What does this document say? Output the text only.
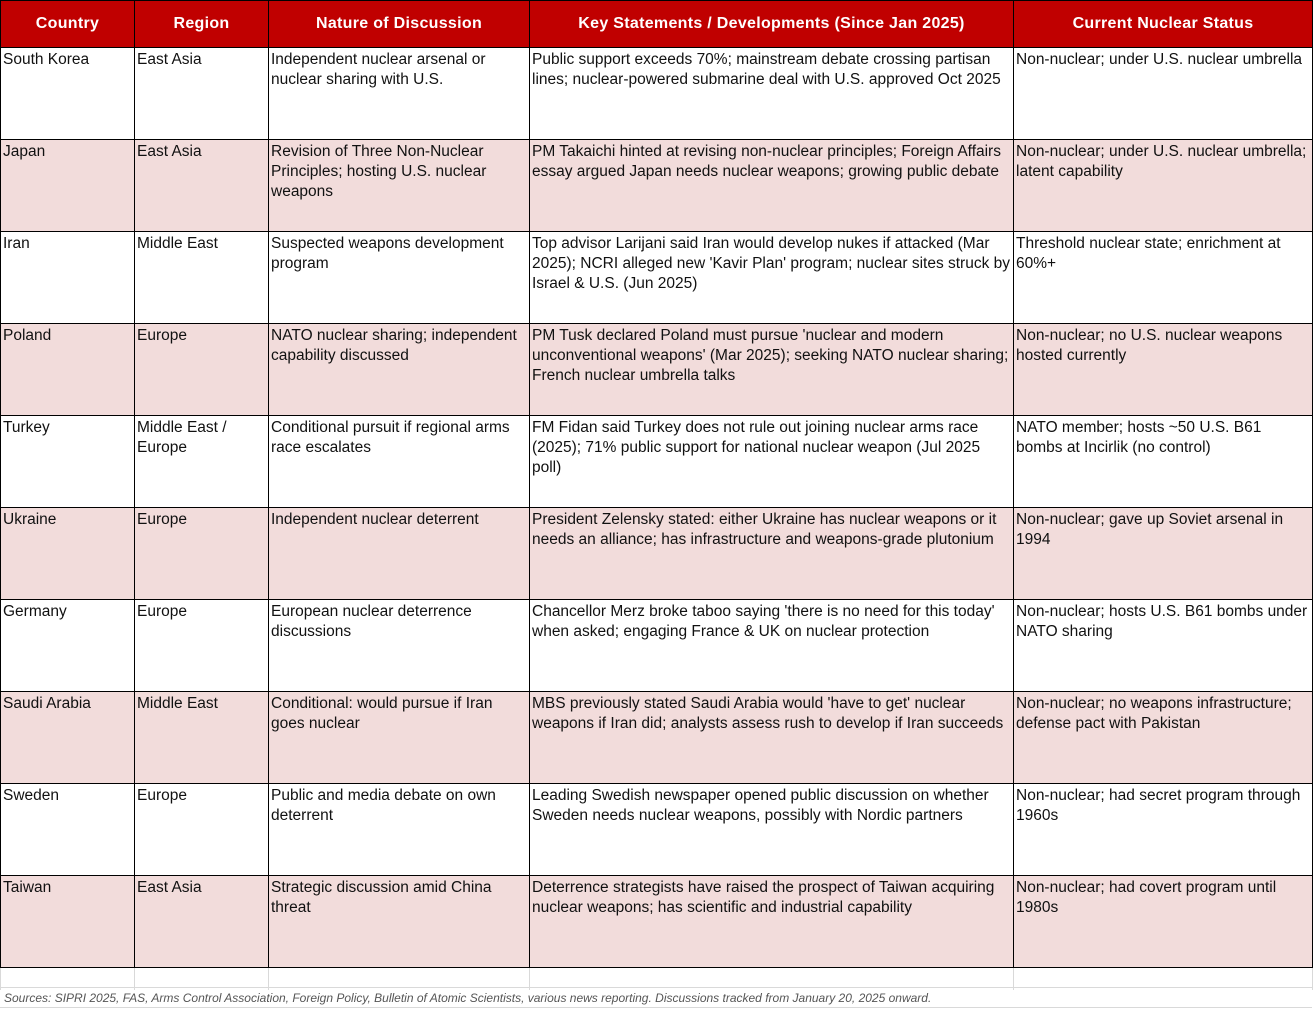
Country	Region	Nature of Discussion	Key Statements / Developments (Since Jan 2025)	Current Nuclear Status
South Korea	East Asia	Independent nuclear arsenal or nuclear sharing with U.S.	Public support exceeds 70%; mainstream debate crossing partisan lines; nuclear-powered submarine deal with U.S. approved Oct 2025	Non-nuclear; under U.S. nuclear umbrella
Japan	East Asia	Revision of Three Non-Nuclear Principles; hosting U.S. nuclear weapons	PM Takaichi hinted at revising non-nuclear principles; Foreign Affairs essay argued Japan needs nuclear weapons; growing public debate	Non-nuclear; under U.S. nuclear umbrella; latent capability
Iran	Middle East	Suspected weapons development program	Top advisor Larijani said Iran would develop nukes if attacked (Mar 2025); NCRI alleged new 'Kavir Plan' program; nuclear sites struck by Israel & U.S. (Jun 2025)	Threshold nuclear state; enrichment at 60%+
Poland	Europe	NATO nuclear sharing; independent capability discussed	PM Tusk declared Poland must pursue 'nuclear and modern unconventional weapons' (Mar 2025); seeking NATO nuclear sharing; French nuclear umbrella talks	Non-nuclear; no U.S. nuclear weapons hosted currently
Turkey	Middle East / Europe	Conditional pursuit if regional arms race escalates	FM Fidan said Turkey does not rule out joining nuclear arms race (2025); 71% public support for national nuclear weapon (Jul 2025 poll)	NATO member; hosts ~50 U.S. B61 bombs at Incirlik (no control)
Ukraine	Europe	Independent nuclear deterrent	President Zelensky stated: either Ukraine has nuclear weapons or it needs an alliance; has infrastructure and weapons-grade plutonium	Non-nuclear; gave up Soviet arsenal in 1994
Germany	Europe	European nuclear deterrence discussions	Chancellor Merz broke taboo saying 'there is no need for this today' when asked; engaging France & UK on nuclear protection	Non-nuclear; hosts U.S. B61 bombs under NATO sharing
Saudi Arabia	Middle East	Conditional: would pursue if Iran goes nuclear	MBS previously stated Saudi Arabia would 'have to get' nuclear weapons if Iran did; analysts assess rush to develop if Iran succeeds	Non-nuclear; no weapons infrastructure; defense pact with Pakistan
Sweden	Europe	Public and media debate on own deterrent	Leading Swedish newspaper opened public discussion on whether Sweden needs nuclear weapons, possibly with Nordic partners	Non-nuclear; had secret program through 1960s
Taiwan	East Asia	Strategic discussion amid China threat	Deterrence strategists have raised the prospect of Taiwan acquiring nuclear weapons; has scientific and industrial capability	Non-nuclear; had covert program until 1980s

Sources: SIPRI 2025, FAS, Arms Control Association, Foreign Policy, Bulletin of Atomic Scientists, various news reporting. Discussions tracked from January 20, 2025 onward.
